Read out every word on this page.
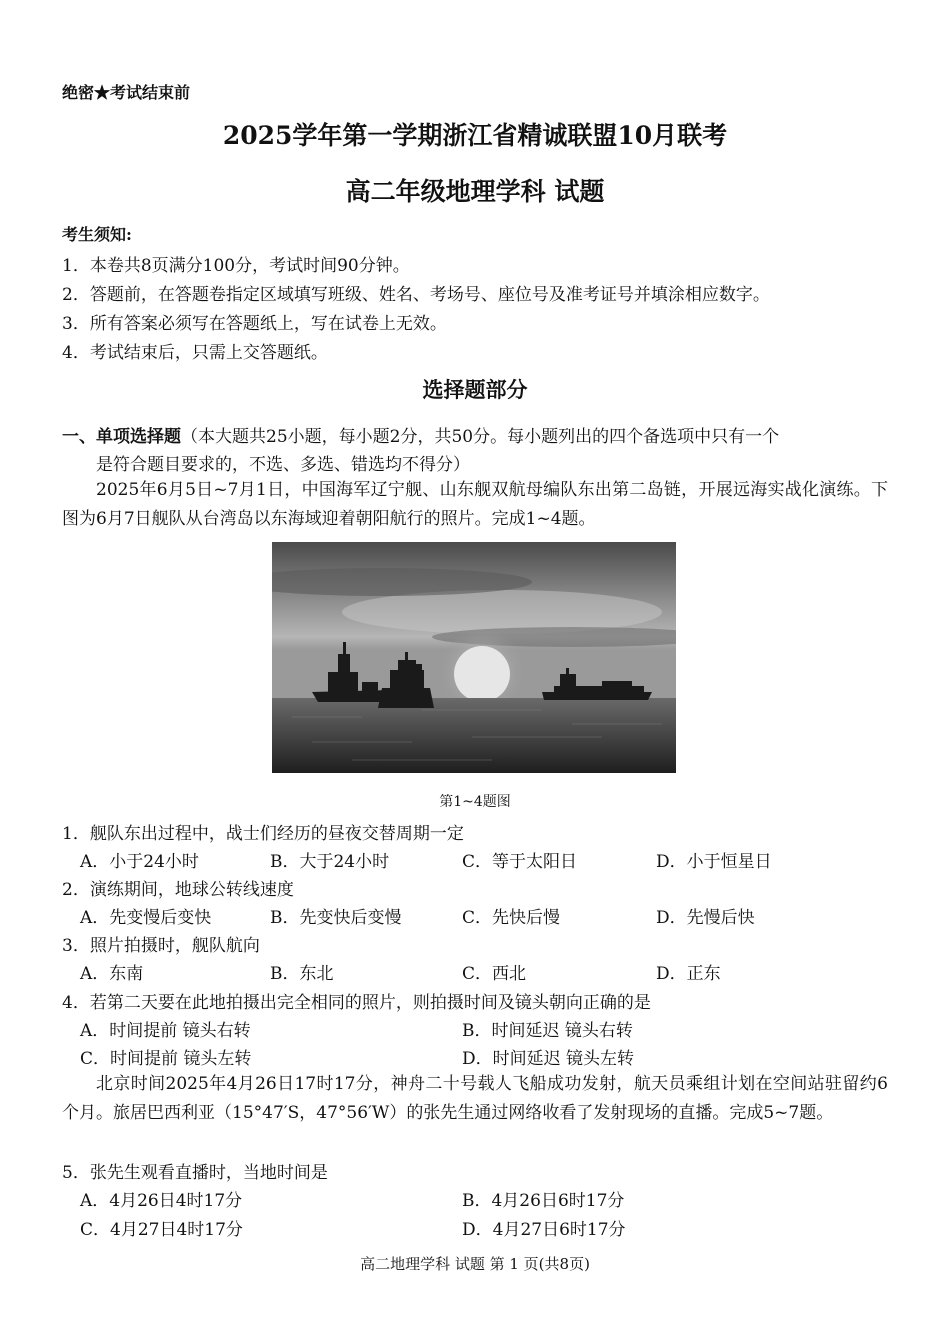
绝密★考试结束前
2025学年第一学期浙江省精诚联盟10月联考
高二年级地理学科 试题
考生须知:
1．本卷共8页满分100分，考试时间90分钟。
2．答题前，在答题卷指定区域填写班级、姓名、考场号、座位号及准考证号并填涂相应数字。
3．所有答案必须写在答题纸上，写在试卷上无效。
4．考试结束后，只需上交答题纸。
选择题部分
一、单项选择题（本大题共25小题，每小题2分，共50分。每小题列出的四个备选项中只有一个
是符合题目要求的，不选、多选、错选均不得分）
2025年6月5日~7月1日，中国海军辽宁舰、山东舰双航母编队东出第二岛链，开展远海实战化演练。下图为6月7日舰队从台湾岛以东海域迎着朝阳航行的照片。完成1~4题。
第1~4题图
1．舰队东出过程中，战士们经历的昼夜交替周期一定
A．小于24小时	B．大于24小时	C．等于太阳日	D．小于恒星日
2．演练期间，地球公转线速度
A．先变慢后变快	B．先变快后变慢	C．先快后慢	D．先慢后快
3．照片拍摄时，舰队航向
A．东南	B．东北	C．西北	D．正东
4．若第二天要在此地拍摄出完全相同的照片，则拍摄时间及镜头朝向正确的是
A．时间提前 镜头右转	B．时间延迟 镜头右转
C．时间提前 镜头左转	D．时间延迟 镜头左转
北京时间2025年4月26日17时17分，神舟二十号载人飞船成功发射，航天员乘组计划在空间站驻留约6个月。旅居巴西利亚（15°47′S，47°56′W）的张先生通过网络收看了发射现场的直播。完成5~7题。
5．张先生观看直播时，当地时间是
A．4月26日4时17分	B．4月26日6时17分
C．4月27日4时17分	D．4月27日6时17分
高二地理学科 试题 第 1 页(共8页)
